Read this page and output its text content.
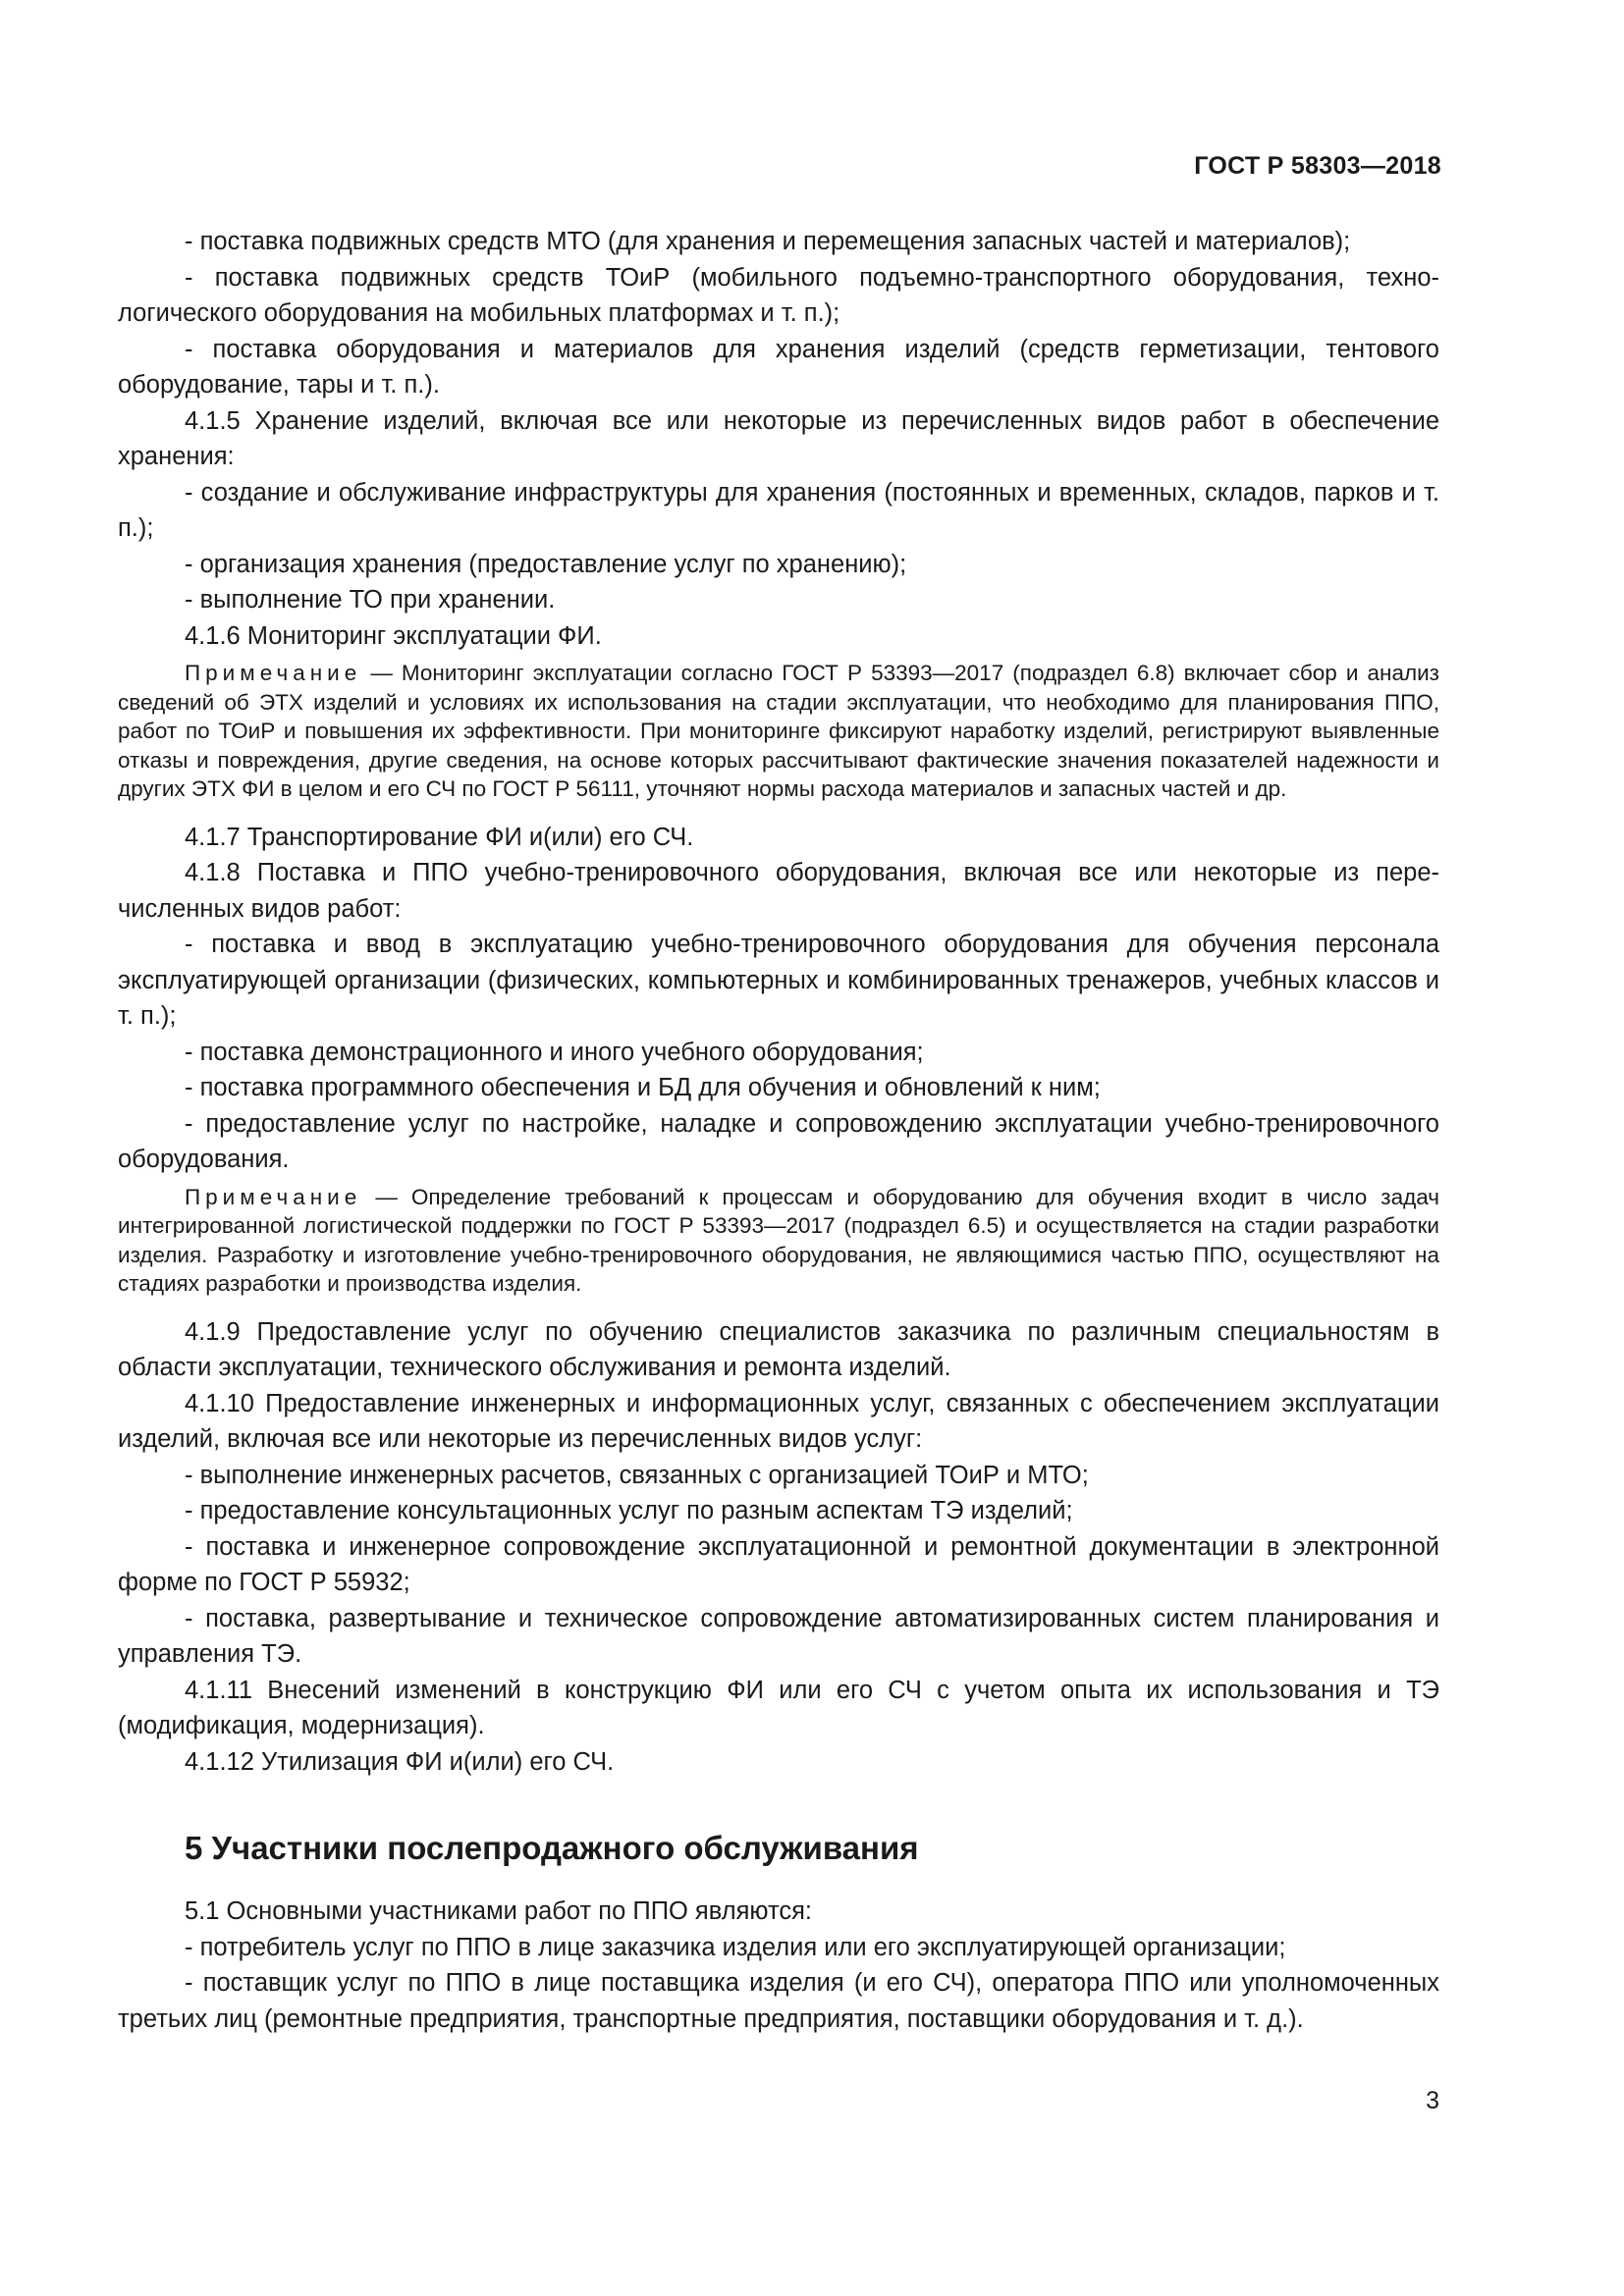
ГОСТ Р 58303—2018

- поставка подвижных средств МТО (для хранения и перемещения запасных частей и материалов);

- поставка подвижных средств ТОиР (мобильного подъемно-транспортного оборудования, технологического оборудования на мобильных платформах и т. п.);

- поставка оборудования и материалов для хранения изделий (средств герметизации, тентового оборудование, тары и т. п.).

4.1.5 Хранение изделий, включая все или некоторые из перечисленных видов работ в обеспечение хранения:

- создание и обслуживание инфраструктуры для хранения (постоянных и временных, складов, парков и т. п.);

- организация хранения (предоставление услуг по хранению);

- выполнение ТО при хранении.

4.1.6 Мониторинг эксплуатации ФИ.

Примечание — Мониторинг эксплуатации согласно ГОСТ Р 53393—2017 (подраздел 6.8) включает сбор и анализ сведений об ЭТХ изделий и условиях их использования на стадии эксплуатации, что необходимо для планирования ППО, работ по ТОиР и повышения их эффективности. При мониторинге фиксируют наработку изделий, регистрируют выявленные отказы и повреждения, другие сведения, на основе которых рассчитывают фактические значения показателей надежности и других ЭТХ ФИ в целом и его СЧ по ГОСТ Р 56111, уточняют нормы расхода материалов и запасных частей и др.

4.1.7 Транспортирование ФИ и(или) его СЧ.

4.1.8 Поставка и ППО учебно-тренировочного оборудования, включая все или некоторые из перечисленных видов работ:

- поставка и ввод в эксплуатацию учебно-тренировочного оборудования для обучения персонала эксплуатирующей организации (физических, компьютерных и комбинированных тренажеров, учебных классов и т. п.);

- поставка демонстрационного и иного учебного оборудования;

- поставка программного обеспечения и БД для обучения и обновлений к ним;

- предоставление услуг по настройке, наладке и сопровождению эксплуатации учебно-тренировочного оборудования.

Примечание — Определение требований к процессам и оборудованию для обучения входит в число задач интегрированной логистической поддержки по ГОСТ Р 53393—2017 (подраздел 6.5) и осуществляется на стадии разработки изделия. Разработку и изготовление учебно-тренировочного оборудования, не являющимися частью ППО, осуществляют на стадиях разработки и производства изделия.

4.1.9 Предоставление услуг по обучению специалистов заказчика по различным специальностям в области эксплуатации, технического обслуживания и ремонта изделий.

4.1.10 Предоставление инженерных и информационных услуг, связанных с обеспечением эксплуатации изделий, включая все или некоторые из перечисленных видов услуг:

- выполнение инженерных расчетов, связанных с организацией ТОиР и МТО;

- предоставление консультационных услуг по разным аспектам ТЭ изделий;

- поставка и инженерное сопровождение эксплуатационной и ремонтной документации в электронной форме по ГОСТ Р 55932;

- поставка, развертывание и техническое сопровождение автоматизированных систем планирования и управления ТЭ.

4.1.11 Внесений изменений в конструкцию ФИ или его СЧ с учетом опыта их использования и ТЭ (модификация, модернизация).

4.1.12 Утилизация ФИ и(или) его СЧ.

5 Участники послепродажного обслуживания

5.1 Основными участниками работ по ППО являются:

- потребитель услуг по ППО в лице заказчика изделия или его эксплуатирующей организации;

- поставщик услуг по ППО в лице поставщика изделия (и его СЧ), оператора ППО или уполномоченных третьих лиц (ремонтные предприятия, транспортные предприятия, поставщики оборудования и т. д.).

3
